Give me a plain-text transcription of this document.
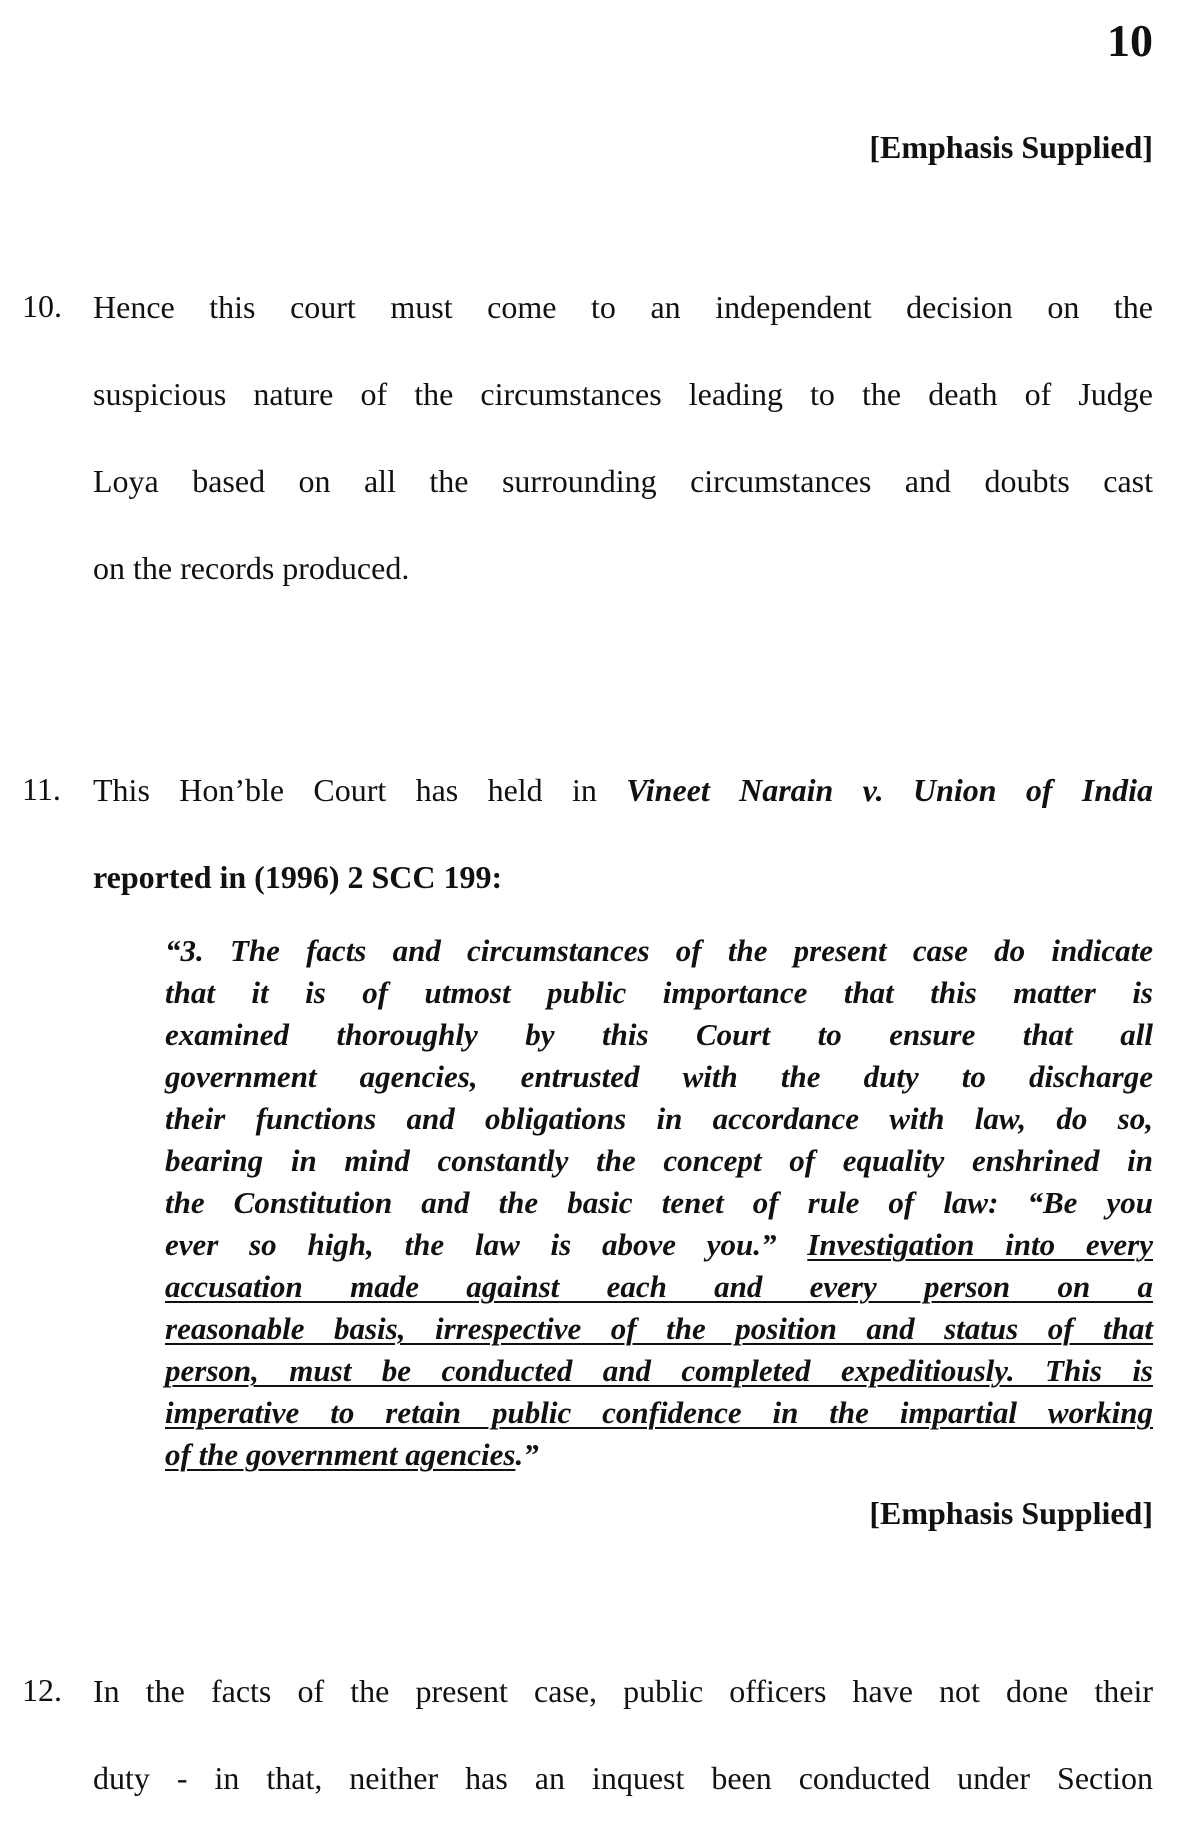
10
[Emphasis Supplied]
10. Hence this court must come to an independent decision on the
suspicious nature of the circumstances leading to the death of Judge
Loya based on all the surrounding circumstances and doubts cast
on the records produced.
11. This Hon’ble Court has held in Vineet Narain v. Union of India
reported in (1996) 2 SCC 199:
“3. The facts and circumstances of the present case do indicate
that it is of utmost public importance that this matter is
examined thoroughly by this Court to ensure that all
government agencies, entrusted with the duty to discharge
their functions and obligations in accordance with law, do so,
bearing in mind constantly the concept of equality enshrined in
the Constitution and the basic tenet of rule of law: “Be you
ever so high, the law is above you.” Investigation into every
accusation made against each and every person on a
reasonable basis, irrespective of the position and status of that
person, must be conducted and completed expeditiously. This is
imperative to retain public confidence in the impartial working
of the government agencies.”
[Emphasis Supplied]
12. In the facts of the present case, public officers have not done their
duty - in that, neither has an inquest been conducted under Section
